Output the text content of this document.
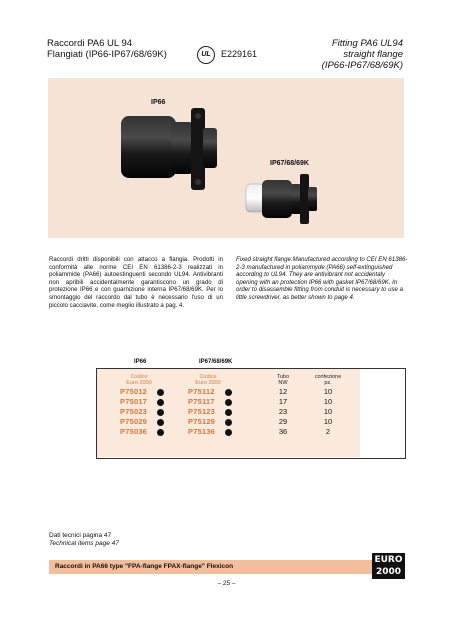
Raccordi PA6 UL 94
Flangiati (IP66-IP67/68/69K)	UL	E229161
Fitting PA6 UL94
straight flange
(IP66-IP67/68/69K)
IP66
IP67/68/69K
Raccordi dritti disponibili con attacco a flangia. Prodotti in conformità alle norme CEI EN 61386-2-3 realizzati in poliammide (PA66) autoestinguenti secondo UL94. Antivibranti non apribili accidentalmente garantiscono un grado di protezione IP66 e con guarnizione interna IP67/68/69K. Per lo smontaggio del raccordo dal tubo è necessario l'uso di un piccolo cacciavite, come meglio illustrato a pag. 4.
Fixed straight flange.Manufactured according to CEI EN 61386-2-3 manufactured in poliammyde (PA66) self-extinguished according to UL94. They are antivibrant not accidentaly opening with an protection IP66 with gasket IP67/68/69K. In order to disassemble fitting from conduit is necessary to use a little screwdriver, as better shown to page 4.
IP66	IP67/68/69K
Codice
Euro 2000
Codice
Euro 2000
Tubo
NW
confezione
pz.
P75012	P75112	12	10
P75017	P75117	17	10
P75023	P75123	23	10
P75029	P75129	29	10
P75036	P75136	36	2
Dati tecnici pagina 47
Technical items page 47
Raccordi in PA66 type "FPA-flange FPAX-flange" Flexicon
EURO
2000
– 25 –
